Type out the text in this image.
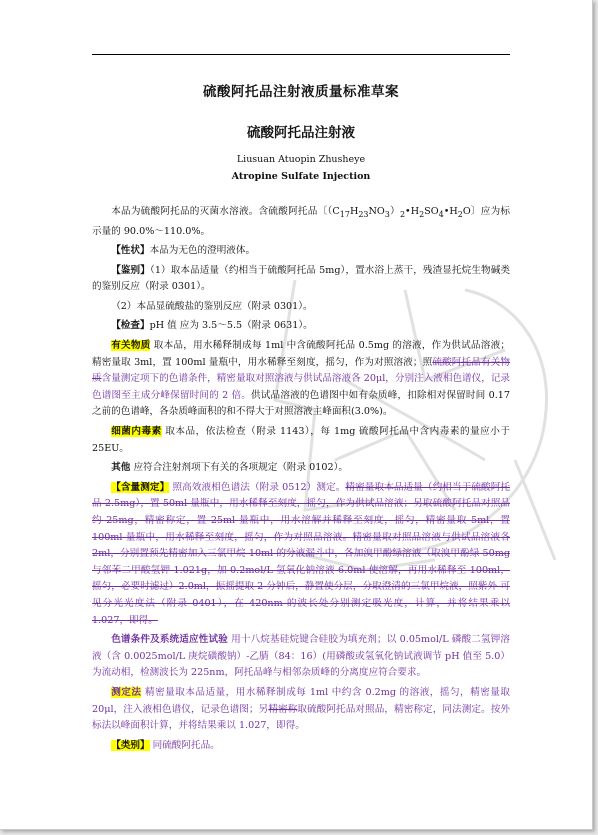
硫酸阿托品注射液质量标准草案
硫酸阿托品注射液
Liusuan Atuopin Zhusheye
Atropine Sulfate Injection

本品为硫酸阿托品的灭菌水溶液。含硫酸阿托品〔$(C_{17}H_{23}NO_3)_2•H_2SO_4•H_2O$〕应为标示量的 90.0%～110.0%。

【性状】本品为无色的澄明液体。

【鉴别】（1）取本品适量（约相当于硫酸阿托品 5mg），置水浴上蒸干，残渣显托烷生物碱类的鉴别反应（附录 0301）。

（2）本品显硫酸盐的鉴别反应（附录 0301）。

【检查】pH 值 应为 3.5～5.5（附录 0631）。

有关物质 取本品，用水稀释制成每 1ml 中含硫酸阿托品 0.5mg 的溶液，作为供试品溶液；精密量取 3ml，置 100ml 量瓶中，用水稀释至刻度，摇匀，作为对照溶液；照硫酸阿托品有关物质含量测定项下的色谱条件，精密量取对照溶液与供试品溶液各 20μl，分别注入液相色谱仪，记录色谱图至主成分峰保留时间的 2 倍。供试品溶液的色谱图中如有杂质峰，扣除相对保留时间 0.17 之前的色谱峰，各杂质峰面积的和不得大于对照溶液主峰面积(3.0%)。

细菌内毒素 取本品，依法检查（附录 1143），每 1mg 硫酸阿托品中含内毒素的量应小于 25EU。

其他 应符合注射剂项下有关的各项规定（附录 0102）。

【含量测定】 照高效液相色谱法（附录 0512）测定。精密量取本品适量（约相当于硫酸阿托品 2.5mg），置 50ml 量瓶中，用水稀释至刻度，摇匀，作为供试品溶液；另取硫酸阿托品对照品约 25mg，精密称定，置 25ml 量瓶中，用水溶解并稀释至刻度，摇匀，精密量取 5ml，置 100ml 量瓶中，用水稀释至刻度，摇匀，作为对照品溶液。精密量取对照品溶液与供试品溶液各 2ml，分别置预先精密加入三氯甲烷 10ml 的分液漏斗中，各加溴甲酚绿溶液（取溴甲酚绿 50mg 与邻苯二甲酸氢钾 1.021g，加 0.2mol/L 氢氧化钠溶液 6.0ml 使溶解，再用水稀释至 100ml，摇匀，必要时滤过）2.0ml，振摇提取 2 分钟后，静置使分层，分取澄清的三氯甲烷液，照紫外-可见分光光度法（附录 0401），在 420nm 的波长处分别测定吸光度，计算，并将结果乘以 1.027，即得。

色谱条件及系统适应性试验 用十八烷基硅烷键合硅胶为填充剂；以 0.05mol/L 磷酸二氢钾溶液（含 0.0025mol/L 庚烷磺酸钠）-乙腈（84：16）(用磷酸或氢氧化钠试液调节 pH 值至 5.0）为流动相，检测波长为 225nm，阿托品峰与相邻杂质峰的分离度应符合要求。

测定法 精密量取本品适量，用水稀释制成每 1ml 中约含 0.2mg 的溶液，摇匀，精密量取 20μl，注入液相色谱仪，记录色谱图；另精密称取硫酸阿托品对照品，精密称定，同法测定。按外标法以峰面积计算，并将结果乘以 1.027，即得。

【类别】 同硫酸阿托品。
